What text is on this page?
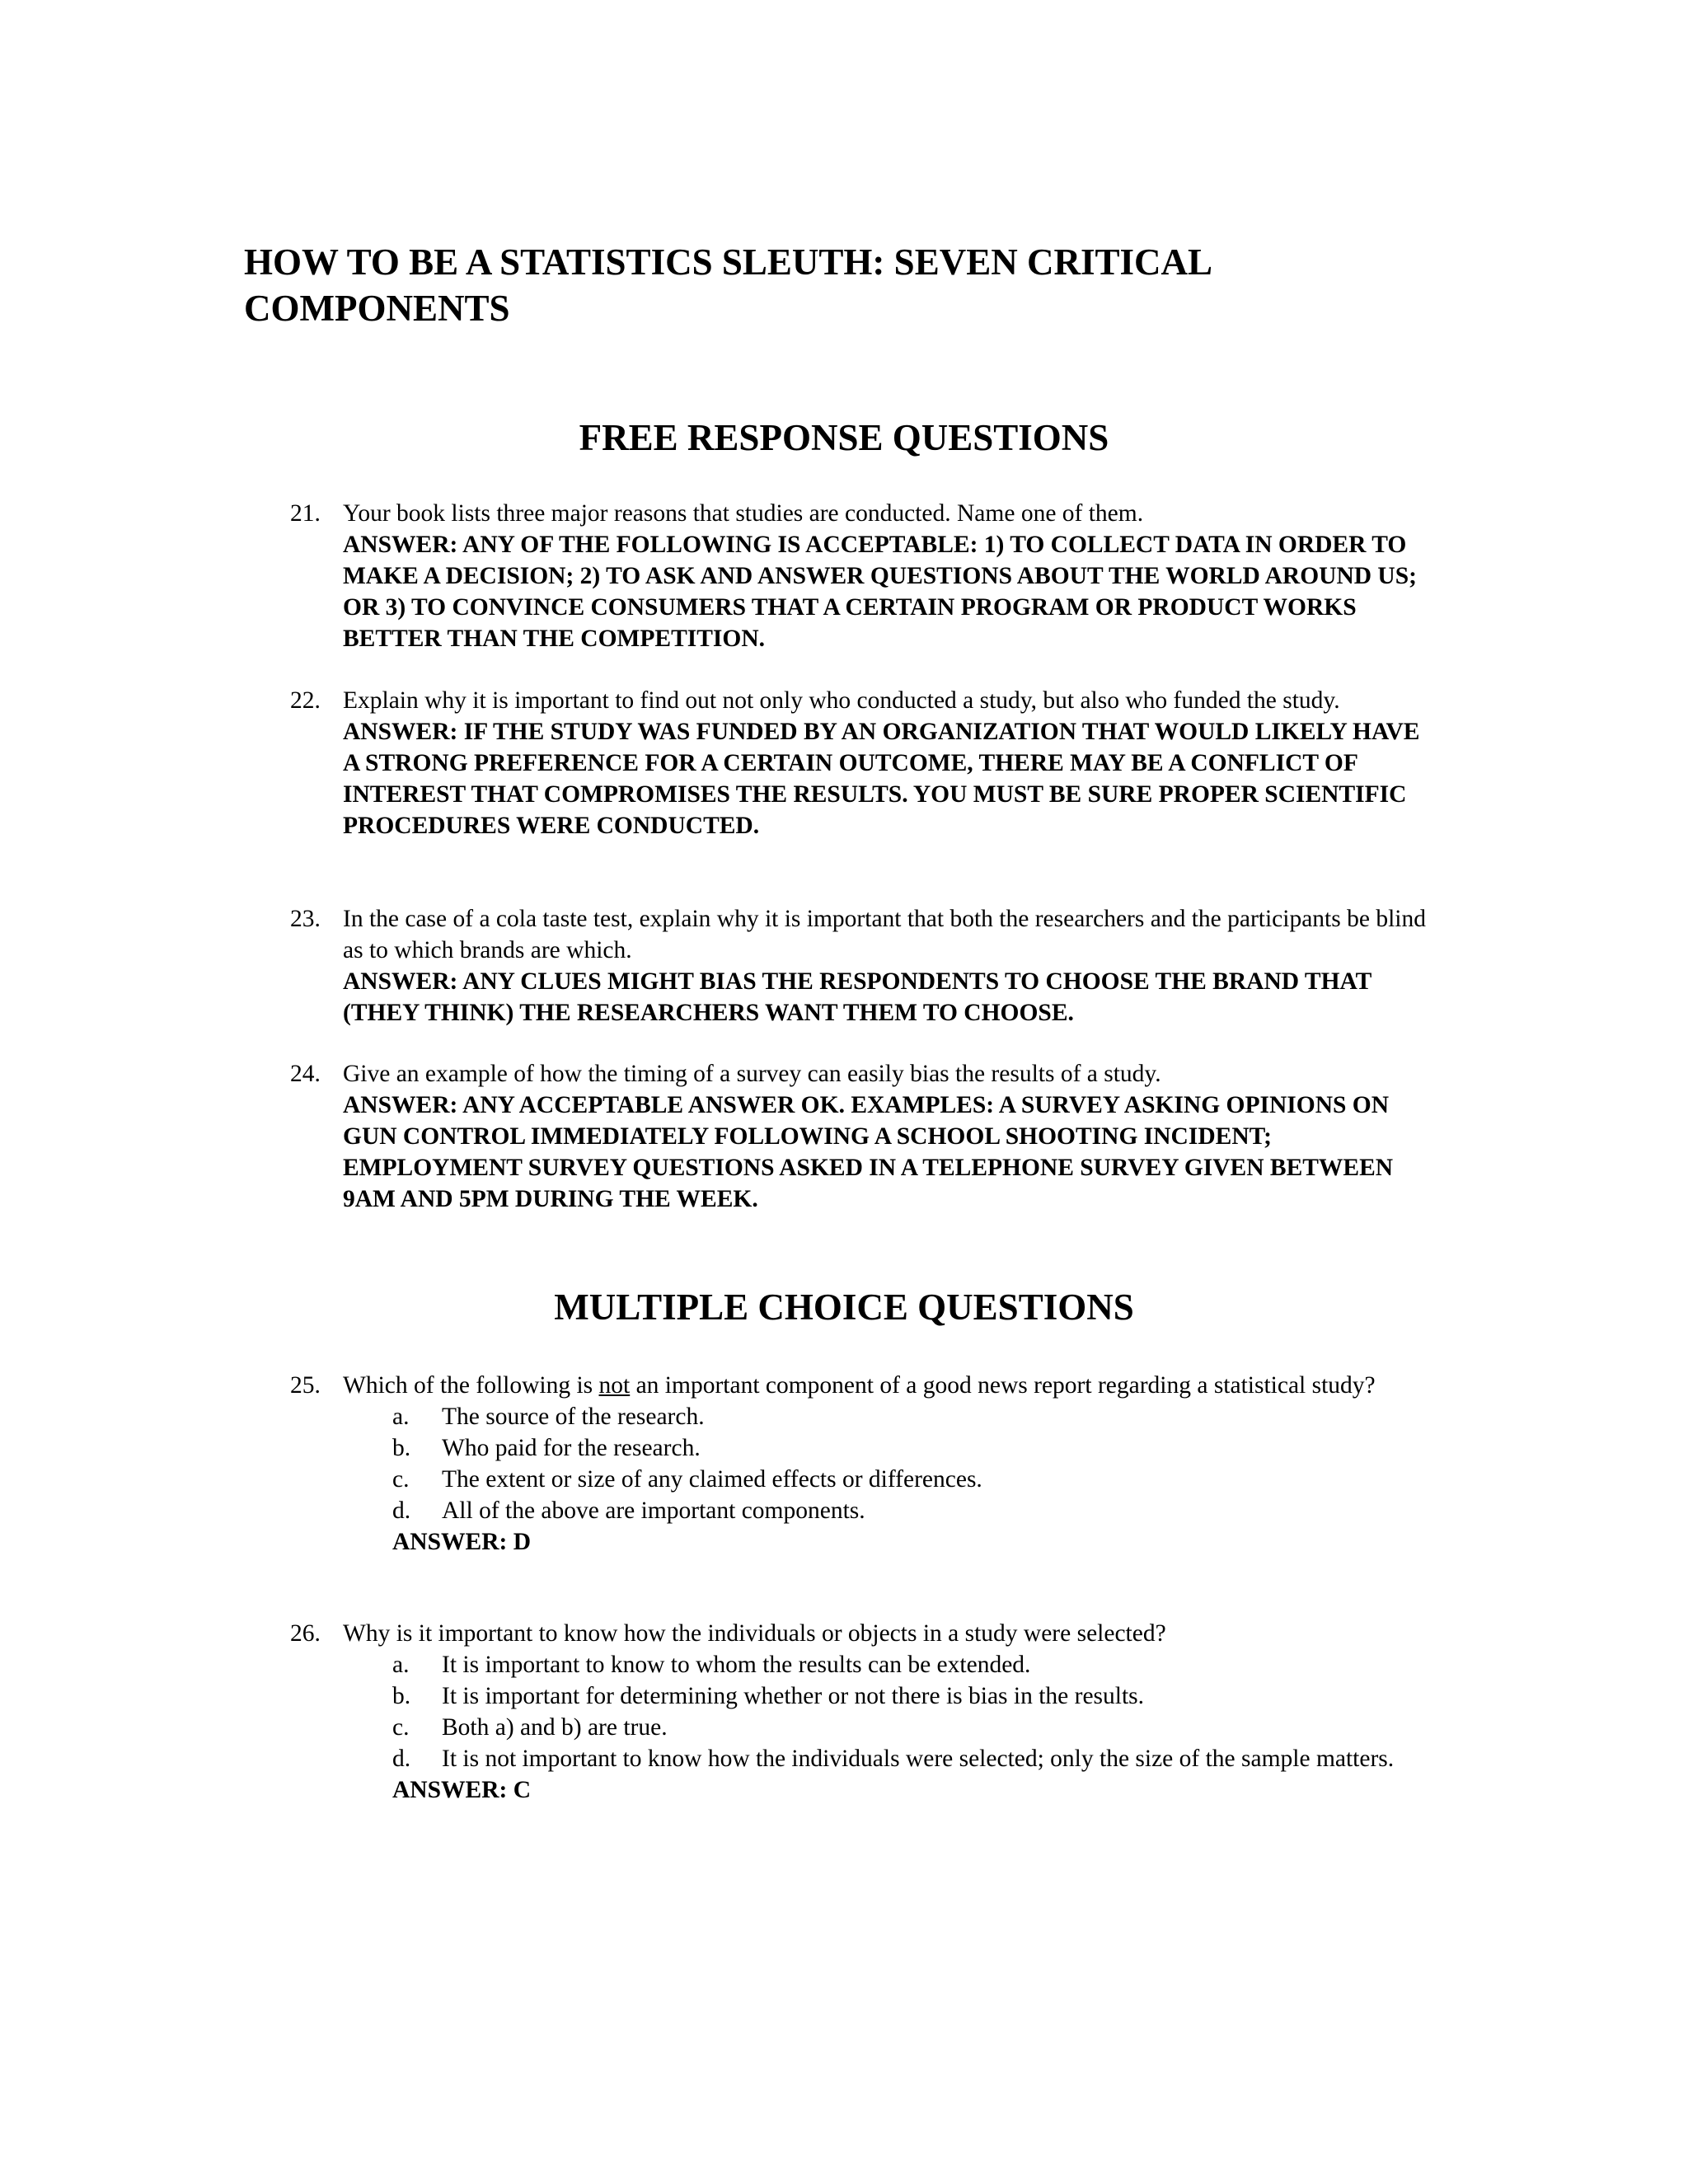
HOW TO BE A STATISTICS SLEUTH: SEVEN CRITICAL
COMPONENTS
FREE RESPONSE QUESTIONS
21. Your book lists three major reasons that studies are conducted. Name one of them.
ANSWER: ANY OF THE FOLLOWING IS ACCEPTABLE: 1) TO COLLECT DATA IN ORDER TO MAKE A DECISION; 2) TO ASK AND ANSWER QUESTIONS ABOUT THE WORLD AROUND US; OR 3) TO CONVINCE CONSUMERS THAT A CERTAIN PROGRAM OR PRODUCT WORKS BETTER THAN THE COMPETITION.
22. Explain why it is important to find out not only who conducted a study, but also who funded the study.
ANSWER: IF THE STUDY WAS FUNDED BY AN ORGANIZATION THAT WOULD LIKELY HAVE A STRONG PREFERENCE FOR A CERTAIN OUTCOME, THERE MAY BE A CONFLICT OF INTEREST THAT COMPROMISES THE RESULTS. YOU MUST BE SURE PROPER SCIENTIFIC PROCEDURES WERE CONDUCTED.
23. In the case of a cola taste test, explain why it is important that both the researchers and the participants be blind as to which brands are which.
ANSWER: ANY CLUES MIGHT BIAS THE RESPONDENTS TO CHOOSE THE BRAND THAT (THEY THINK) THE RESEARCHERS WANT THEM TO CHOOSE.
24. Give an example of how the timing of a survey can easily bias the results of a study.
ANSWER: ANY ACCEPTABLE ANSWER OK. EXAMPLES: A SURVEY ASKING OPINIONS ON GUN CONTROL IMMEDIATELY FOLLOWING A SCHOOL SHOOTING INCIDENT; EMPLOYMENT SURVEY QUESTIONS ASKED IN A TELEPHONE SURVEY GIVEN BETWEEN 9AM AND 5PM DURING THE WEEK.
MULTIPLE CHOICE QUESTIONS
25. Which of the following is not an important component of a good news report regarding a statistical study?
a. The source of the research.
b. Who paid for the research.
c. The extent or size of any claimed effects or differences.
d. All of the above are important components.
ANSWER: D
26. Why is it important to know how the individuals or objects in a study were selected?
a. It is important to know to whom the results can be extended.
b. It is important for determining whether or not there is bias in the results.
c. Both a) and b) are true.
d. It is not important to know how the individuals were selected; only the size of the sample matters.
ANSWER: C
